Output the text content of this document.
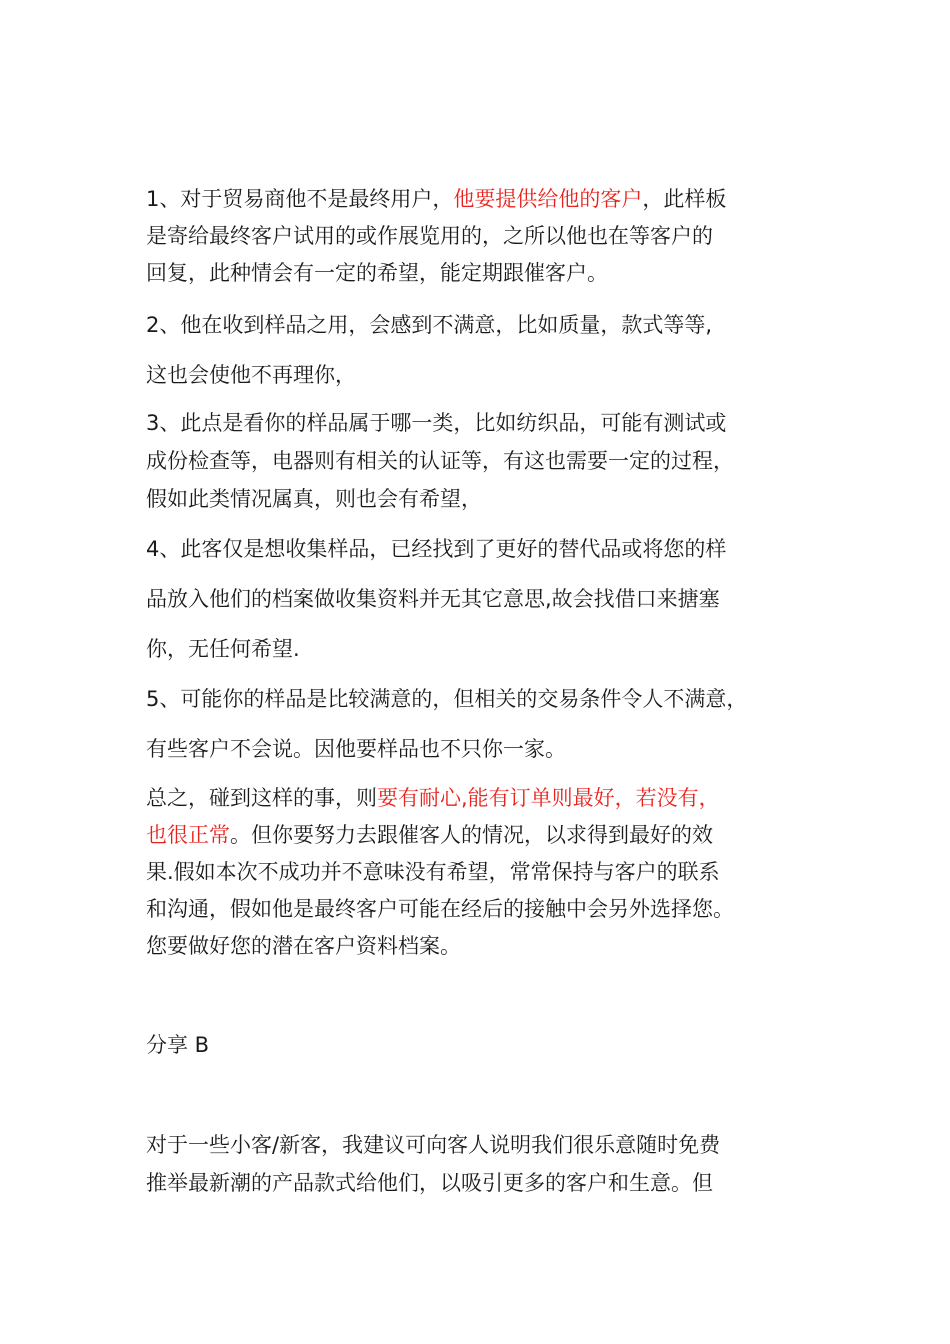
1、对于贸易商他不是最终用户，他要提供给他的客户，此样板
是寄给最终客户试用的或作展览用的，之所以他也在等客户的
回复，此种情会有一定的希望，能定期跟催客户。
2、他在收到样品之用，会感到不满意，比如质量，款式等等,
这也会使他不再理你，
3、此点是看你的样品属于哪一类，比如纺织品，可能有测试或
成份检查等，电器则有相关的认证等，有这也需要一定的过程，
假如此类情况属真，则也会有希望，
4、此客仅是想收集样品，已经找到了更好的替代品或将您的样
品放入他们的档案做收集资料并无其它意思,故会找借口来搪塞
你，无任何希望.
5、可能你的样品是比较满意的，但相关的交易条件令人不满意，
有些客户不会说。因他要样品也不只你一家。
总之，碰到这样的事，则要有耐心,能有订单则最好，若没有，
也很正常。但你要努力去跟催客人的情况，以求得到最好的效
果.假如本次不成功并不意味没有希望，常常保持与客户的联系
和沟通，假如他是最终客户可能在经后的接触中会另外选择您。
您要做好您的潜在客户资料档案。
分享 B
对于一些小客/新客，我建议可向客人说明我们很乐意随时免费
推举最新潮的产品款式给他们，以吸引更多的客户和生意。但
